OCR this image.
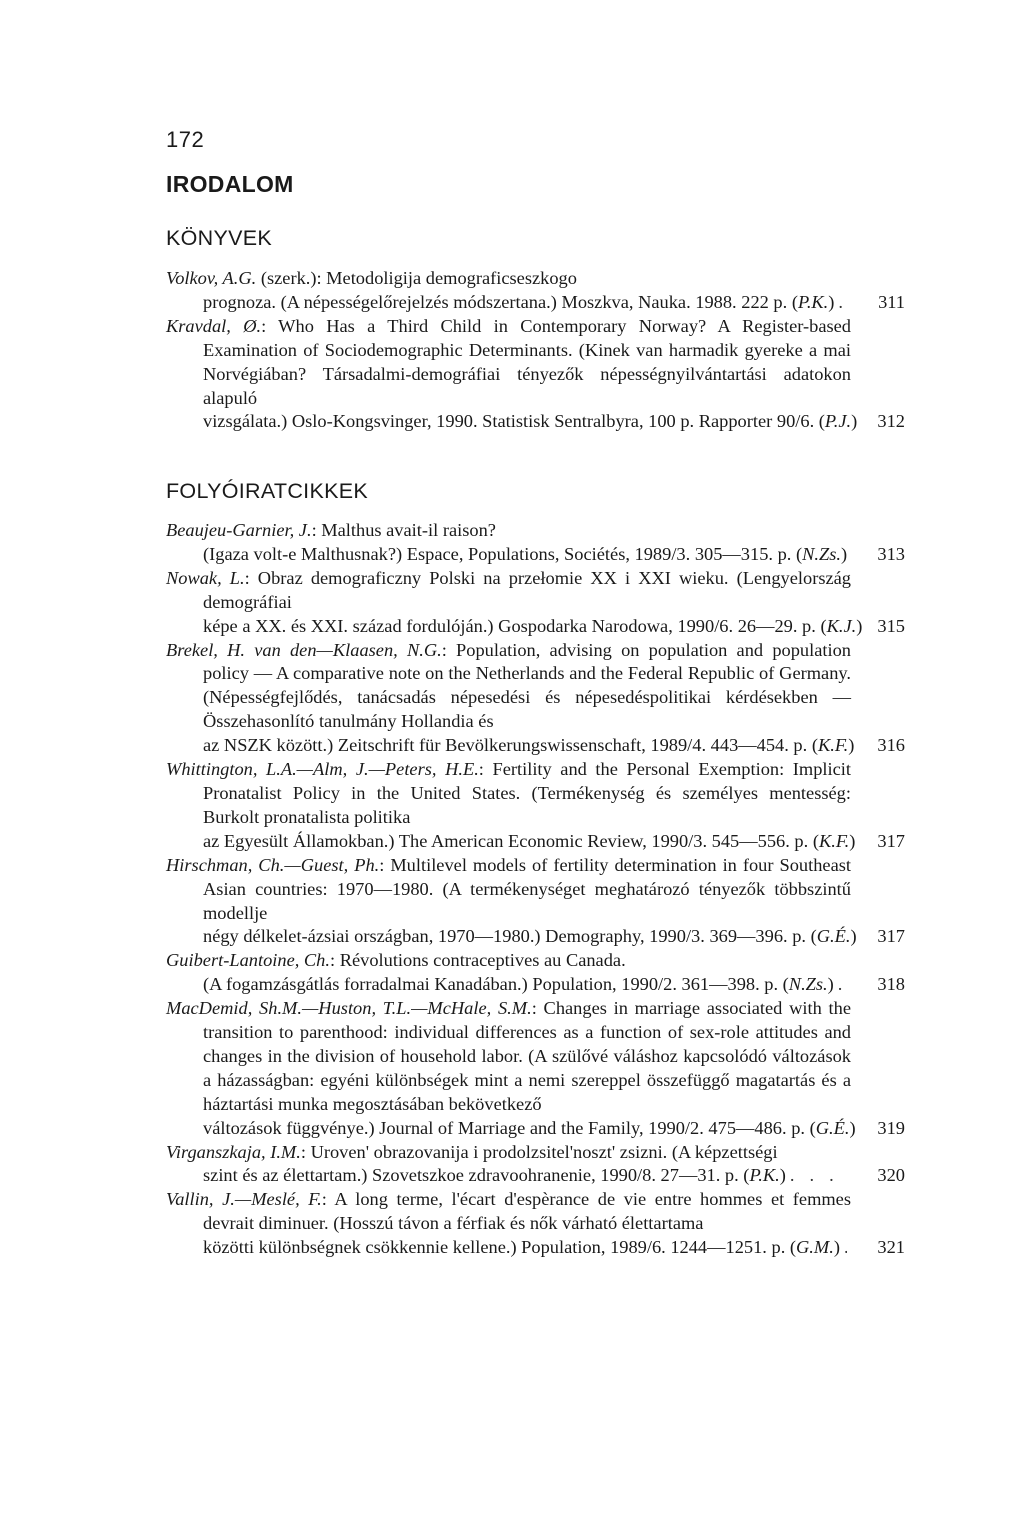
172
IRODALOM
KÖNYVEK
Volkov, A.G. (szerk.): Metodoligija demograficseszkogo
prognoza. (A népességelőrejelzés módszertana.) Moszkva, Nauka. 1988. 222 p. (P.K.) . . . 311
Kravdal, Ø.: Who Has a Third Child in Contemporary Norway? A Register-based Examination of Sociodemographic Determinants. (Kinek van harmadik gyereke a mai Norvégiában? Társadalmi-demográfiai tényezők népességnyilvántartási adatokon alapuló
vizsgálata.) Oslo-Kongsvinger, 1990. Statistisk Sentralbyra, 100 p. Rapporter 90/6. (P.J.) 312
FOLYÓIRATCIKKEK
Beaujeu-Garnier, J.: Malthus avait-il raison?
(Igaza volt-e Malthusnak?) Espace, Populations, Sociétés, 1989/3. 305—315. p. (N.Zs.) 313
Nowak, L.: Obraz demograficzny Polski na przełomie XX i XXI wieku. (Lengyelország demográfiai
képe a XX. és XXI. század fordulóján.) Gospodarka Narodowa, 1990/6. 26—29. p. (K.J.) 315
Brekel, H. van den—Klaasen, N.G.: Population, advising on population and population policy — A comparative note on the Netherlands and the Federal Republic of Germany. (Népességfejlődés, tanácsadás népesedési és népesedéspolitikai kérdésekben — Összehasonlító tanulmány Hollandia és
az NSZK között.) Zeitschrift für Bevölkerungswissenschaft, 1989/4. 443—454. p. (K.F.) 316
Whittington, L.A.—Alm, J.—Peters, H.E.: Fertility and the Personal Exemption: Implicit Pronatalist Policy in the United States. (Termékenység és személyes mentesség: Burkolt pronatalista politika
az Egyesült Államokban.) The American Economic Review, 1990/3. 545—556. p. (K.F.) 317
Hirschman, Ch.—Guest, Ph.: Multilevel models of fertility determination in four Southeast Asian countries: 1970—1980. (A termékenységet meghatározó tényezők többszintű modellje
négy délkelet-ázsiai országban, 1970—1980.) Demography, 1990/3. 369—396. p. (G.É.) 317
Guibert-Lantoine, Ch.: Révolutions contraceptives au Canada.
(A fogamzásgátlás forradalmai Kanadában.) Population, 1990/2. 361—398. p. (N.Zs.) . . . 318
MacDemid, Sh.M.—Huston, T.L.—McHale, S.M.: Changes in marriage associated with the transition to parenthood: individual differences as a function of sex-role attitudes and changes in the division of household labor. (A szülővé váláshoz kapcsolódó változások a házasságban: egyéni különbségek mint a nemi szereppel összefüggő magatartás és a háztartási munka megosztásában bekövetkező
változások függvénye.) Journal of Marriage and the Family, 1990/2. 475—486. p. (G.É.) 319
Virganszkaja, I.M.: Uroven' obrazovanija i prodolzsitel'noszt' zsizni. (A képzettségi
szint és az élettartam.) Szovetszkoe zdravoohranenie, 1990/8. 27—31. p. (P.K.) . . .	320
Vallin, J.—Meslé, F.: A long terme, l'écart d'espèrance de vie entre hommes et femmes devrait diminuer. (Hosszú távon a férfiak és nők várható élettartama
közötti különbségnek csökkennie kellene.) Population, 1989/6. 1244—1251. p. (G.M.) . . . 321
